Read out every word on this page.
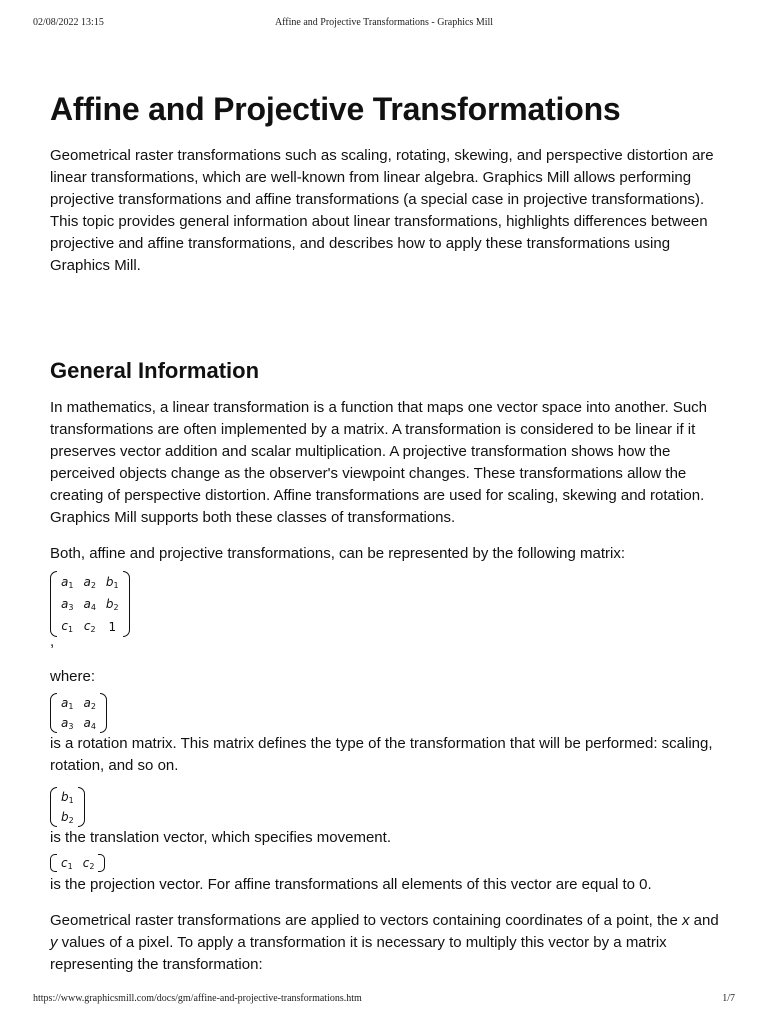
02/08/2022 13:15	Affine and Projective Transformations - Graphics Mill
Affine and Projective Transformations

Geometrical raster transformations such as scaling, rotating, skewing, and perspective distortion are linear transformations, which are well-known from linear algebra. Graphics Mill allows performing projective transformations and affine transformations (a special case in projective transformations). This topic provides general information about linear transformations, highlights differences between projective and affine transformations, and describes how to apply these transformations using Graphics Mill.

General Information

In mathematics, a linear transformation is a function that maps one vector space into another. Such transformations are often implemented by a matrix. A transformation is considered to be linear if it preserves vector addition and scalar multiplication. A projective transformation shows how the perceived objects change as the observer's viewpoint changes. These transformations allow the creating of perspective distortion. Affine transformations are used for scaling, skewing and rotation. Graphics Mill supports both these classes of transformations.

Both, affine and projective transformations, can be represented by the following matrix:

$a_1$ $a_2$ $b_1$
$a_3$ $a_4$ $b_2$
$c_1$ $c_2$ 1

,

where:

$a_1$ $a_2$
$a_3$ $a_4$

is a rotation matrix. This matrix defines the type of the transformation that will be performed: scaling, rotation, and so on.

$b_1$
$b_2$

is the translation vector, which specifies movement.

$c_1$ $c_2$

is the projection vector. For affine transformations all elements of this vector are equal to 0.

Geometrical raster transformations are applied to vectors containing coordinates of a point, the x and y values of a pixel. To apply a transformation it is necessary to multiply this vector by a matrix representing the transformation:

https://www.graphicsmill.com/docs/gm/affine-and-projective-transformations.htm	1/7
